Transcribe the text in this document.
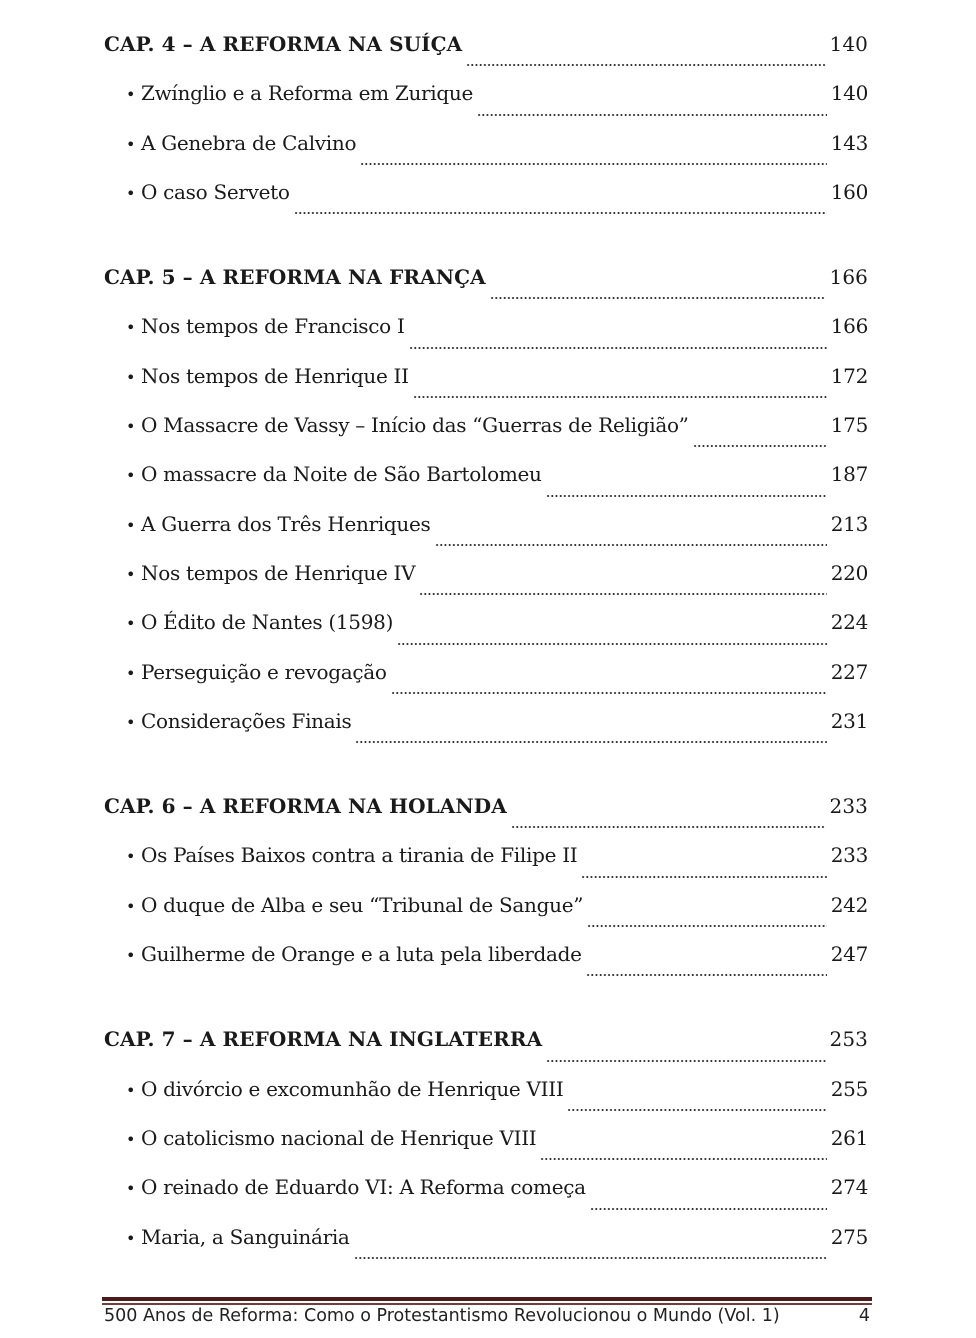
CAP. 4 – A REFORMA NA SUÍÇA	140
• Zwínglio e a Reforma em Zurique	140
• A Genebra de Calvino	143
• O caso Serveto	160
CAP. 5 – A REFORMA NA FRANÇA	166
• Nos tempos de Francisco I	166
• Nos tempos de Henrique II	172
• O Massacre de Vassy – Início das “Guerras de Religião”	175
• O massacre da Noite de São Bartolomeu	187
• A Guerra dos Três Henriques	213
• Nos tempos de Henrique IV	220
• O Édito de Nantes (1598)	224
• Perseguição e revogação	227
• Considerações Finais	231
CAP. 6 – A REFORMA NA HOLANDA	233
• Os Países Baixos contra a tirania de Filipe II	233
• O duque de Alba e seu “Tribunal de Sangue”	242
• Guilherme de Orange e a luta pela liberdade	247
CAP. 7 – A REFORMA NA INGLATERRA	253
• O divórcio e excomunhão de Henrique VIII	255
• O catolicismo nacional de Henrique VIII	261
• O reinado de Eduardo VI: A Reforma começa	274
• Maria, a Sanguinária	275
500 Anos de Reforma: Como o Protestantismo Revolucionou o Mundo (Vol. 1)	4
